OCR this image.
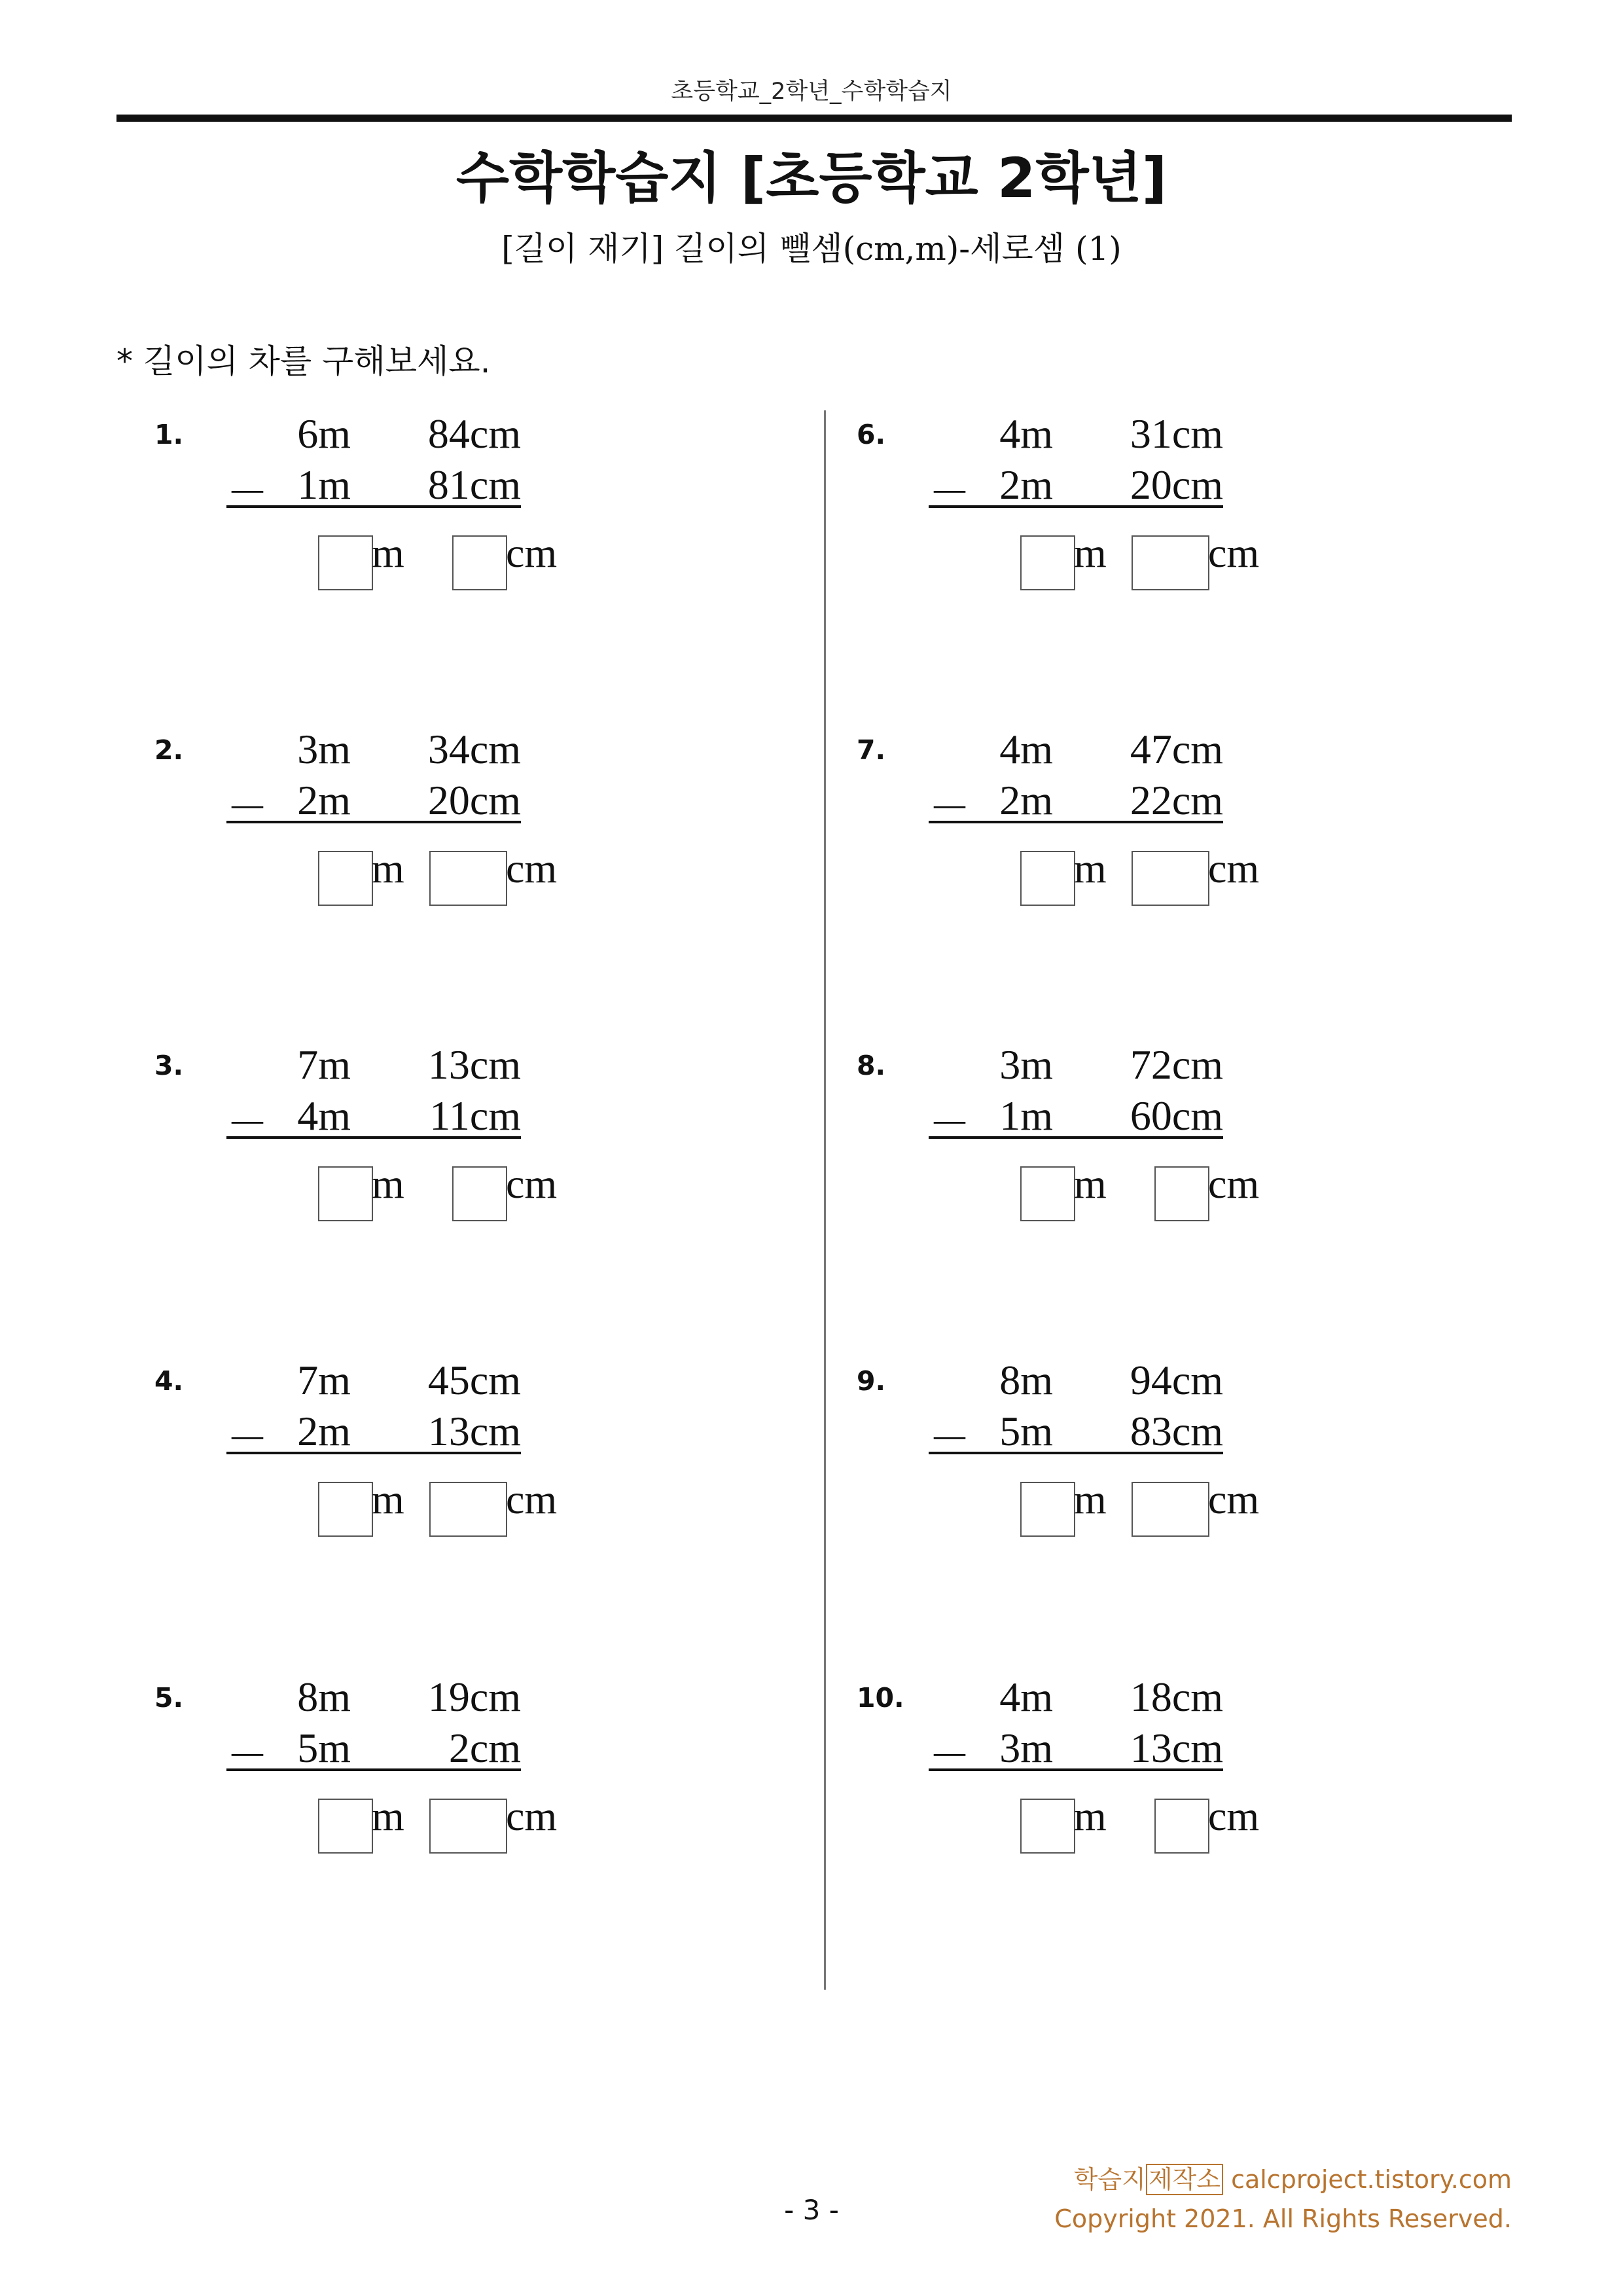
초등학교_2학년_수학학습지
수학학습지 [초등학교 2학년]
[길이 재기] 길이의 뺄셈(cm,m)-세로셈 (1)
* 길이의 차를 구해보세요.
1.	6m 84cm
－ 1m 81cm
m cm
2.	3m 34cm
－ 2m 20cm
m cm
3.	7m 13cm
－ 4m 11cm
m cm
4.	7m 45cm
－ 2m 13cm
m cm
5.	8m 19cm
－ 5m 2cm
m cm
6.	4m 31cm
－ 2m 20cm
m cm
7.	4m 47cm
－ 2m 22cm
m cm
8.	3m 72cm
－ 1m 60cm
m cm
9.	8m 94cm
－ 5m 83cm
m cm
10. 4m 18cm
－ 3m 13cm
m cm
- 3 -
학습지 제작소 calcproject.tistory.com
Copyright 2021. All Rights Reserved.
